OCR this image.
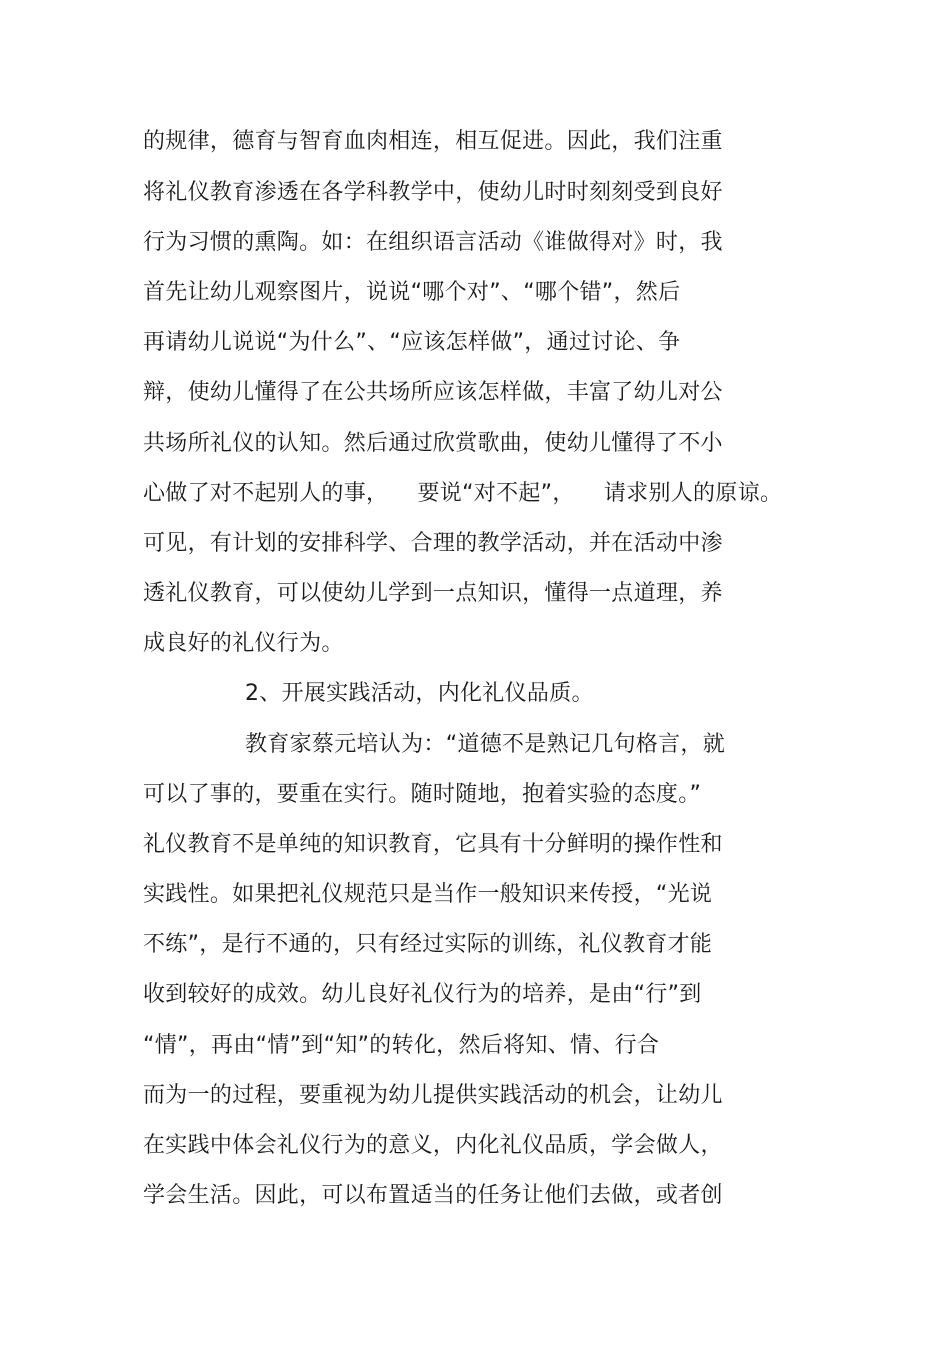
的规律，德育与智育血肉相连，相互促进。因此，我们注重
将礼仪教育渗透在各学科教学中，使幼儿时时刻刻受到良好
行为习惯的熏陶。如：在组织语言活动《谁做得对》时，我
首先让幼儿观察图片，说说“哪个对”、“哪个错”，然后
再请幼儿说说“为什么”、“应该怎样做”，通过讨论、争
辩，使幼儿懂得了在公共场所应该怎样做，丰富了幼儿对公
共场所礼仪的认知。然后通过欣赏歌曲，使幼儿懂得了不小
心做了对不起别人的事，    要说“对不起”，    请求别人的原谅。
可见，有计划的安排科学、合理的教学活动，并在活动中渗
透礼仪教育，可以使幼儿学到一点知识，懂得一点道理，养
成良好的礼仪行为。
2、开展实践活动，内化礼仪品质。
教育家蔡元培认为：“道德不是熟记几句格言，就
可以了事的，要重在实行。随时随地，抱着实验的态度。”
礼仪教育不是单纯的知识教育，它具有十分鲜明的操作性和
实践性。如果把礼仪规范只是当作一般知识来传授，“光说
不练”，是行不通的，只有经过实际的训练，礼仪教育才能
收到较好的成效。幼儿良好礼仪行为的培养，是由“行”到
“情”，再由“情”到“知”的转化，然后将知、情、行合
而为一的过程，要重视为幼儿提供实践活动的机会，让幼儿
在实践中体会礼仪行为的意义，内化礼仪品质，学会做人，
学会生活。因此，可以布置适当的任务让他们去做，或者创
